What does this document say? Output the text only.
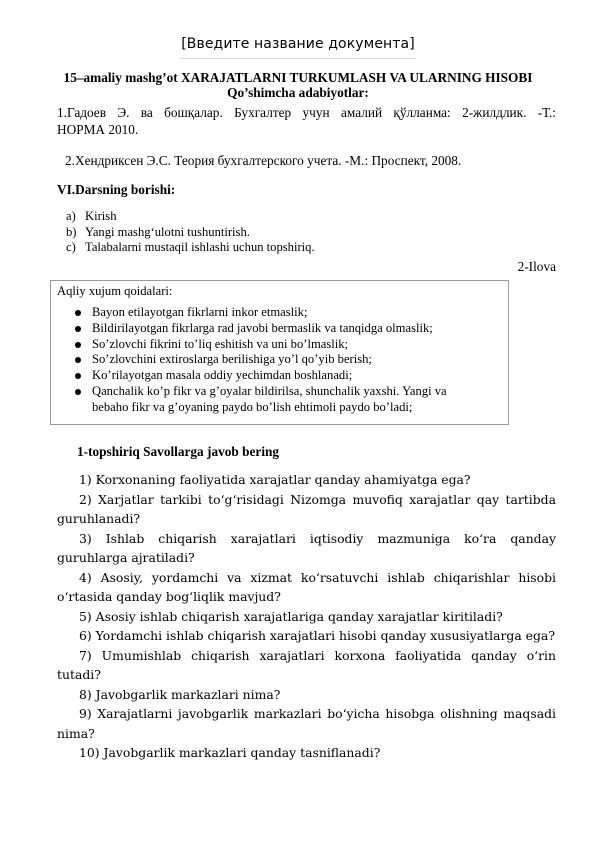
[Введите название документа]
15–amaliy mashg’ot XARAJATLARNI TURKUMLASH VA ULARNING HISOBI
Qo’shimcha adabiyotlar:
1.Гадоев Э. ва бошқалар. Бухгалтер учун амалий қўлланма: 2-жилдлик. -Т.:
НОРМА 2010.
2.Хендриксен Э.С. Теория бухгалтерского учета. -М.: Проспект, 2008.
VI.Darsning borishi:
a) Kirish
b) Yangi mashg‘ulotni tushuntirish.
c) Talabalarni mustaqil ishlashi uchun topshiriq.
2-Ilova
Aqliy xujum qoidalari:
Bayon etilayotgan fikrlarni inkor etmaslik;
Bildirilayotgan fikrlarga rad javobi bermaslik va tanqidga olmaslik;
So’zlovchi fikrini to’liq eshitish va uni bo’lmaslik;
So’zlovchini extiroslarga berilishiga yo’l qo’yib berish;
Ko’rilayotgan masala oddiy yechimdan boshlanadi;
Qanchalik ko’p fikr va g’oyalar bildirilsa, shunchalik yaxshi. Yangi va bebaho fikr va g’oyaning paydo bo’lish ehtimoli paydo bo’ladi;
1-topshiriq Savollarga javob bering
1) Korxonaning faoliyatida xarajatlar qanday ahamiyatga ega?
2) Xarjatlar tarkibi to‘g‘risidagi Nizomga muvofiq xarajatlar qay tartibda guruhlanadi?
3) Ishlab chiqarish xarajatlari iqtisodiy mazmuniga ko‘ra qanday guruhlarga ajratiladi?
4) Asosiy, yordamchi va xizmat ko‘rsatuvchi ishlab chiqarishlar hisobi o‘rtasida qanday bog‘liqlik mavjud?
5) Asosiy ishlab chiqarish xarajatlariga qanday xarajatlar kiritiladi?
6) Yordamchi ishlab chiqarish xarajatlari hisobi qanday xususiyatlarga ega?
7) Umumishlab chiqarish xarajatlari korxona faoliyatida qanday o‘rin tutadi?
8) Javobgarlik markazlari nima?
9) Xarajatlarni javobgarlik markazlari bo‘yicha hisobga olishning maqsadi nima?
10) Javobgarlik markazlari qanday tasniflanadi?
